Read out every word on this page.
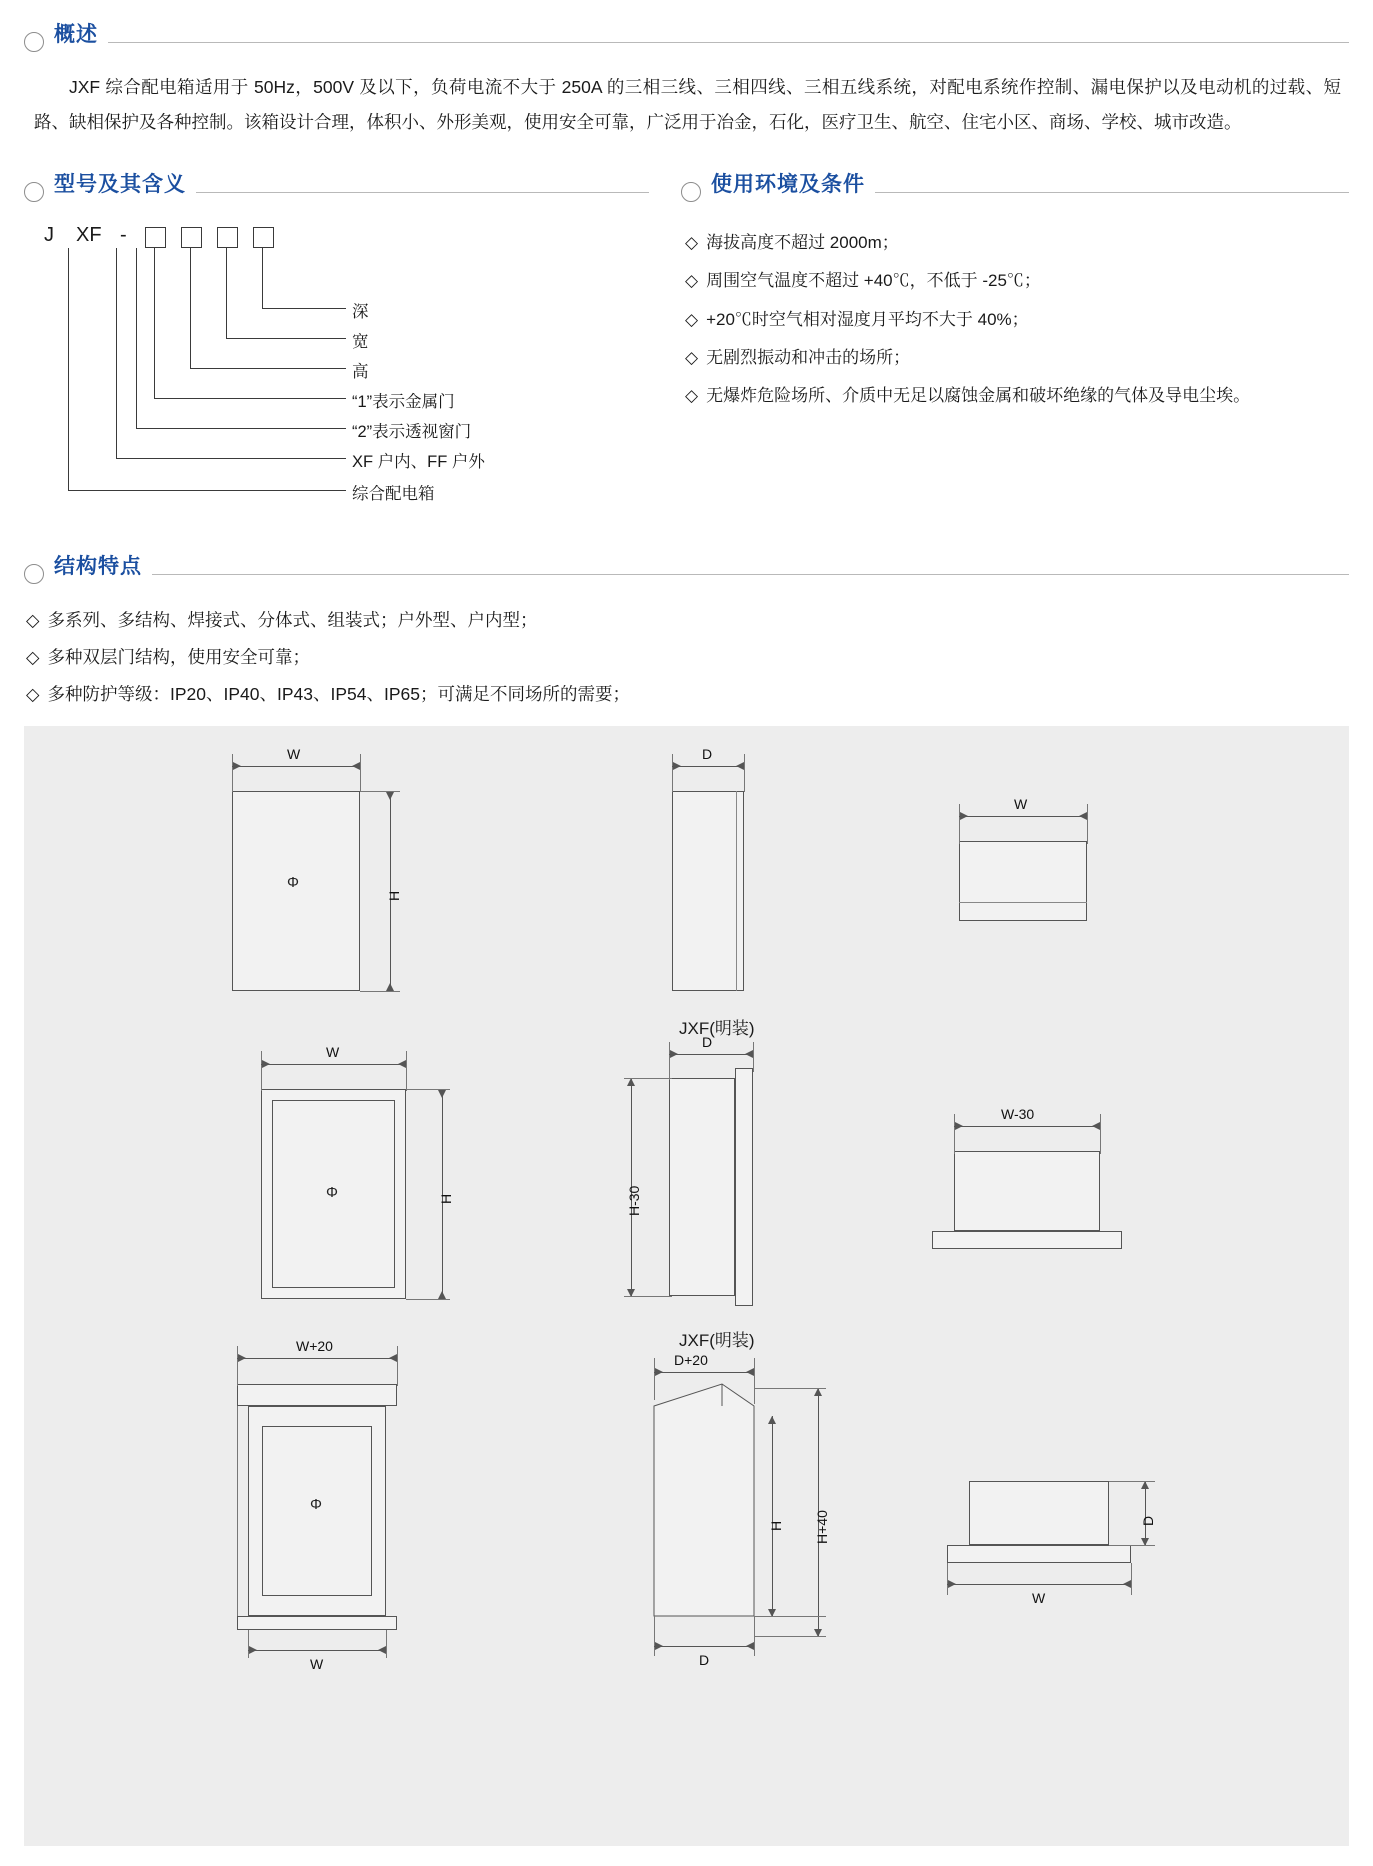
概述

JXF 综合配电箱适用于 50Hz，500V 及以下，负荷电流不大于 250A 的三相三线、三相四线、三相五线系统，对配电系统作控制、漏电保护以及电动机的过载、短路、缺相保护及各种控制。该箱设计合理，体积小、外形美观，使用安全可靠，广泛用于冶金，石化，医疗卫生、航空、住宅小区、商场、学校、城市改造。

型号及其含义
J XF -
深
宽
高
“1”表示金属门
“2”表示透视窗门
XF 户内、FF 户外
综合配电箱
使用环境及条件
◇ 海拔高度不超过 2000m；
◇ 周围空气温度不超过 +40℃，不低于 -25℃；
◇ +20℃时空气相对湿度月平均不大于 40%；
◇ 无剧烈振动和冲击的场所；
◇ 无爆炸危险场所、介质中无足以腐蚀金属和破坏绝缘的气体及导电尘埃。
结构特点
◇ 多系列、多结构、焊接式、分体式、组装式；户外型、户内型；
◇ 多种双层门结构，使用安全可靠；
◇ 多种防护等级：IP20、IP40、IP43、IP54、IP65；可满足不同场所的需要；
Φ
W
H
D
W
JXF(明装)
Φ
W
H
D
H-30
W-30
JXF(明装)
Φ
W+20
W
D+20
H H+40
D
D
W
